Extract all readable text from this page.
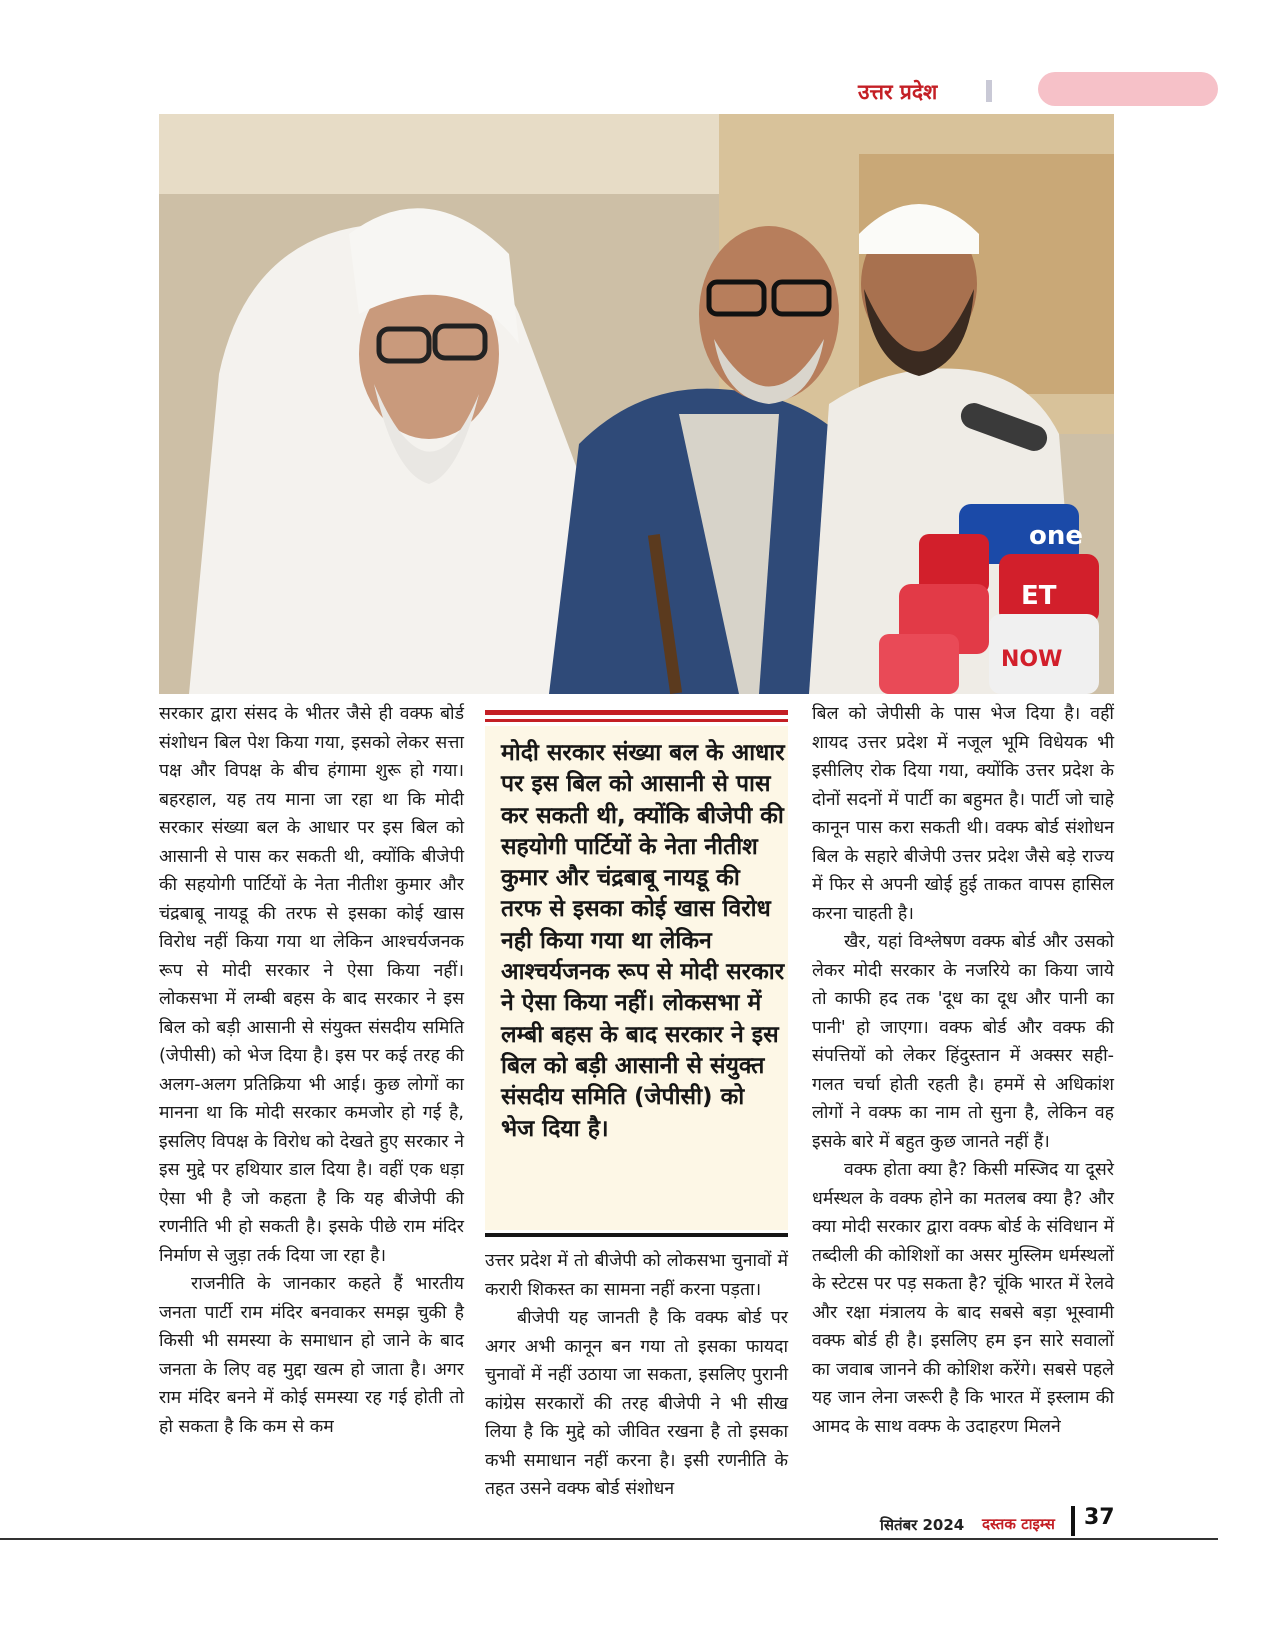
उत्तर प्रदेश
one
ET
NOW

सरकार द्वारा संसद के भीतर जैसे ही वक्फ बोर्ड संशोधन बिल पेश किया गया, इसको लेकर सत्ता पक्ष और विपक्ष के बीच हंगामा शुरू हो गया। बहरहाल, यह तय माना जा रहा था कि मोदी सरकार संख्या बल के आधार पर इस बिल को आसानी से पास कर सकती थी, क्योंकि बीजेपी की सहयोगी पार्टियों के नेता नीतीश कुमार और चंद्रबाबू नायडू की तरफ से इसका कोई खास विरोध नहीं किया गया था लेकिन आश्चर्यजनक रूप से मोदी सरकार ने ऐसा किया नहीं। लोकसभा में लम्बी बहस के बाद सरकार ने इस बिल को बड़ी आसानी से संयुक्त संसदीय समिति (जेपीसी) को भेज दिया है। इस पर कई तरह की अलग-अलग प्रतिक्रिया भी आई। कुछ लोगों का मानना था कि मोदी सरकार कमजोर हो गई है, इसलिए विपक्ष के विरोध को देखते हुए सरकार ने इस मुद्दे पर हथियार डाल दिया है। वहीं एक धड़ा ऐसा भी है जो कहता है कि यह बीजेपी की रणनीति भी हो सकती है। इसके पीछे राम मंदिर निर्माण से जुड़ा तर्क दिया जा रहा है।

राजनीति के जानकार कहते हैं भारतीय जनता पार्टी राम मंदिर बनवाकर समझ चुकी है किसी भी समस्या के समाधान हो जाने के बाद जनता के लिए वह मुद्दा खत्म हो जाता है। अगर राम मंदिर बनने में कोई समस्या रह गई होती तो हो सकता है कि कम से कम

मोदी सरकार संख्या बल के आधार पर इस बिल को आसानी से पास कर सकती थी, क्योंकि बीजेपी की सहयोगी पार्टियों के नेता नीतीश कुमार और चंद्रबाबू नायडू की तरफ से इसका कोई खास विरोध नही किया गया था लेकिन आश्चर्यजनक रूप से मोदी सरकार ने ऐसा किया नहीं। लोकसभा में लम्बी बहस के बाद सरकार ने इस बिल को बड़ी आसानी से संयुक्त संसदीय समिति (जेपीसी) को भेज दिया है।

उत्तर प्रदेश में तो बीजेपी को लोकसभा चुनावों में करारी शिकस्त का सामना नहीं करना पड़ता।

बीजेपी यह जानती है कि वक्फ बोर्ड पर अगर अभी कानून बन गया तो इसका फायदा चुनावों में नहीं उठाया जा सकता, इसलिए पुरानी कांग्रेस सरकारों की तरह बीजेपी ने भी सीख लिया है कि मुद्दे को जीवित रखना है तो इसका कभी समाधान नहीं करना है। इसी रणनीति के तहत उसने वक्फ बोर्ड संशोधन

बिल को जेपीसी के पास भेज दिया है। वहीं शायद उत्तर प्रदेश में नजूल भूमि विधेयक भी इसीलिए रोक दिया गया, क्योंकि उत्तर प्रदेश के दोनों सदनों में पार्टी का बहुमत है। पार्टी जो चाहे कानून पास करा सकती थी। वक्फ बोर्ड संशोधन बिल के सहारे बीजेपी उत्तर प्रदेश जैसे बड़े राज्य में फिर से अपनी खोई हुई ताकत वापस हासिल करना चाहती है।

खैर, यहां विश्लेषण वक्फ बोर्ड और उसको लेकर मोदी सरकार के नजरिये का किया जाये तो काफी हद तक 'दूध का दूध और पानी का पानी' हो जाएगा। वक्फ बोर्ड और वक्फ की संपत्तियों को लेकर हिंदुस्तान में अक्सर सही-गलत चर्चा होती रहती है। हममें से अधिकांश लोगों ने वक्फ का नाम तो सुना है, लेकिन वह इसके बारे में बहुत कुछ जानते नहीं हैं।

वक्फ होता क्या है? किसी मस्जिद या दूसरे धर्मस्थल के वक्फ होने का मतलब क्या है? और क्या मोदी सरकार द्वारा वक्फ बोर्ड के संविधान में तब्दीली की कोशिशों का असर मुस्लिम धर्मस्थलों के स्टेटस पर पड़ सकता है? चूंकि भारत में रेलवे और रक्षा मंत्रालय के बाद सबसे बड़ा भूस्वामी वक्फ बोर्ड ही है। इसलिए हम इन सारे सवालों का जवाब जानने की कोशिश करेंगे। सबसे पहले यह जान लेना जरूरी है कि भारत में इस्लाम की आमद के साथ वक्फ के उदाहरण मिलने

सितंबर 2024 दस्तक टाइम्स 37
